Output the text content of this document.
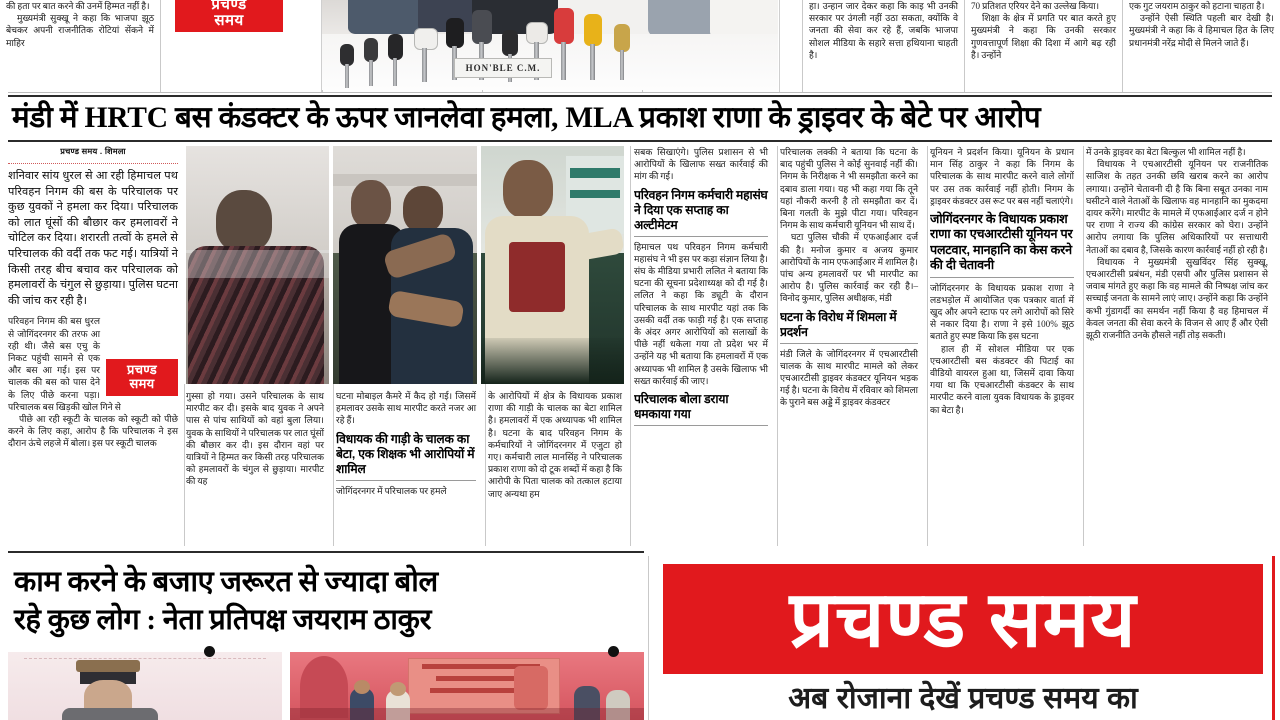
की हता पर बात करने की उनमें हिम्मत नहीं है।

मुख्यमंत्री सुक्खू ने कहा कि भाजपा झूठ बेचकर अपनी राजनीतिक रोटियां सेंकने में माहिर

प्रचण्ड
समय

हा। उन्हान जार देकर कहा कि काइ भी उनकी सरकार पर उंगली नहीं उठा सकता, क्योंकि वे जनता की सेवा कर रहे हैं, जबकि भाजपा सोशल मीडिया के सहारे सत्ता हथियाना चाहती है।

70 प्रतिशत एरियर देने का उल्लेख किया।

शिक्षा के क्षेत्र में प्रगति पर बात करते हुए मुख्यमंत्री ने कहा कि उनकी सरकार गुणवत्तापूर्ण शिक्षा की दिशा में आगे बढ़ रही है। उन्होंने

एक गुट जयराम ठाकुर को हटाना चाहता है।

उन्होंने ऐसी स्थिति पहली बार देखी है। मुख्यमंत्री ने कहा कि वे हिमाचल हित के लिए प्रधानमंत्री नरेंद्र मोदी से मिलने जाते हैं।

HON'BLE C.M.
मंडी में HRTC बस कंडक्टर के ऊपर जानलेवा हमला, MLA प्रकाश राणा के ड्राइवर के बेटे पर आरोप
प्रचण्ड समय . शिमला
शनिवार सांय धुरल से आ रही हिमाचल पथ परिवहन निगम की बस के परिचालक पर कुछ युवकों ने हमला कर दिया। परिचालक को लात घूंसों की बौछार कर हमलावरों ने चोटिल कर दिया। शरारती तत्वों के हमले से परिचालक की वर्दी तक फट गई। यात्रियों ने किसी तरह बीच बचाव कर परिचालक को हमलावरों के चंगुल से छुड़ाया। पुलिस घटना की जांच कर रही है।
प्रचण्ड
समय

परिवहन निगम की बस धुरल से जोगिंदरनगर की तरफ आ रही थी। जैसे बस एचु के निकट पहुंची सामने से एक और बस आ गई। इस पर चालक की बस को पास देने के लिए पीछे करना पड़ा। परिचालक बस खिड़की खोल गिने से

पीछे आ रही स्कूटी के चालक को स्कूटी को पीछे करने के लिए कहा, आरोप है कि परिचालक ने इस दौरान ऊंचे लहजे में बोला। इस पर स्कूटी चालक

गुस्सा हो गया। उसने परिचालक के साथ मारपीट कर दी। इसके बाद युवक ने अपने पास से पांच साथियों को वहां बुला लिया। युवक के साथियों ने परिचालक पर लात घूंसों की बौछार कर दी। इस दौरान वहां पर यात्रियों ने हिम्मत कर किसी तरह परिचालक को हमलावरों के चंगुल से छुड़ाया। मारपीट की यह

घटना मोबाइल कैमरे में कैद हो गई। जिसमें हमलावर उसके साथ मारपीट करते नजर आ रहे हैं।

विधायक की गाड़ी के चालक का बेटा, एक शिक्षक भी आरोपियों में शामिल

जोगिंदरनगर में परिचालक पर हमले

के आरोपियों में क्षेत्र के विधायक प्रकाश राणा की गाड़ी के चालक का बेटा शामिल है। हमलावरों में एक अध्यापक भी शामिल है। घटना के बाद परिवहन निगम के कर्मचारियों ने जोगिंदरनगर में एजुटा हो गए। कर्मचारी लाल मानसिंह ने परिचालक प्रकाश राणा को दो टूक शब्दों में कहा है कि आरोपी के पिता चालक को तत्काल हटाया जाए अन्यथा हम

सबक सिखाएंगे। पुलिस प्रशासन से भी आरोपियों के खिलाफ सख्त कार्रवाई की मांग की गई।

परिवहन निगम कर्मचारी महासंघ ने दिया एक सप्ताह का अल्टीमेटम

हिमाचल पथ परिवहन निगम कर्मचारी महासंघ ने भी इस पर कड़ा संज्ञान लिया है। संघ के मीडिया प्रभारी ललित ने बताया कि घटना की सूचना प्रदेशाध्यक्ष को दी गई है। ललित ने कहा कि ड्यूटी के दौरान परिचालक के साथ मारपीट यहां तक कि उसकी वर्दी तक फाड़ी गई है। एक सप्ताह के अंदर अगर आरोपियों को सलाखों के पीछे नहीं धकेला गया तो प्रदेश भर में उन्होंने यह भी बताया कि हमलावरों में एक अध्यापक भी शामिल है उसके खिलाफ भी सख्त कार्रवाई की जाए।

परिचालक बोला डराया धमकाया गया

परिचालक लक्की ने बताया कि घटना के बाद पहुंची पुलिस ने कोई सुनवाई नहीं की। निगम के निरीक्षक ने भी समझौता करने का दबाव डाला गया। यह भी कहा गया कि तूने यहां नौकरी करनी है तो समझौता कर दें। बिना गलती के मुझे पीटा गया। परिवहन निगम के साथ कर्मचारी यूनियन भी साथ दें।

घटा पुलिस चौकी में एफआईआर दर्ज की है। मनोज कुमार व अजय कुमार आरोपियों के नाम एफआईआर में शामिल है। पांच अन्य हमलावरों पर भी मारपीट का आरोप है। पुलिस कार्रवाई कर रही है।– विनोद कुमार, पुलिस अधीक्षक, मंडी

घटना के विरोध में शिमला में प्रदर्शन

मंडी जिले के जोगिंदरनगर में एचआरटीसी चालक के साथ मारपीट मामले को लेकर एचआरटीसी ड्राइवर कंडक्टर यूनियन भड़क गई है। घटना के विरोध में रविवार को शिमला के पुराने बस अड्डे में ड्राइवर कंडक्टर

यूनियन ने प्रदर्शन किया। यूनियन के प्रधान मान सिंह ठाकुर ने कहा कि निगम के परिचालक के साथ मारपीट करने वाले लोगों पर उस तक कार्रवाई नहीं होती। निगम के ड्राइवर कंडक्टर उस रूट पर बस नहीं चलाएंगे।

जोगिंदरनगर के विधायक प्रकाश राणा का एचआरटीसी यूनियन पर पलटवार, मानहानि का केस करने की दी चेतावनी

जोगिंदरनगर के विधायक प्रकाश राणा ने लडभड़ोल में आयोजित एक पत्रकार वार्ता में खुद और अपने स्टाफ पर लगे आरोपों को सिरे से नकार दिया है। राणा ने इसे 100% झूठ बताते हुए स्पष्ट किया कि इस घटना

हाल ही में सोशल मीडिया पर एक एचआरटीसी बस कंडक्टर की पिटाई का वीडियो वायरल हुआ था, जिसमें दावा किया गया था कि एचआरटीसी कंडक्टर के साथ मारपीट करने वाला युवक विधायक के ड्राइवर का बेटा है।

में उनके ड्राइवर का बेटा बिल्कुल भी शामिल नहीं है।

विधायक ने एचआरटीसी यूनियन पर राजनीतिक साजिश के तहत उनकी छवि खराब करने का आरोप लगाया। उन्होंने चेतावनी दी है कि बिना सबूत उनका नाम घसीटने वाले नेताओं के खिलाफ वह मानहानि का मुकदमा दायर करेंगे। मारपीट के मामले में एफआईआर दर्ज न होने पर राणा ने राज्य की कांग्रेस सरकार को घेरा। उन्होंने आरोप लगाया कि पुलिस अधिकारियों पर सत्ताधारी नेताओं का दबाव है, जिसके कारण कार्रवाई नहीं हो रही है।

विधायक ने मुख्यमंत्री सुखविंदर सिंह सुक्खू, एचआरटीसी प्रबंधन, मंडी एसपी और पुलिस प्रशासन से जवाब मांगते हुए कहा कि वह मामले की निष्पक्ष जांच कर सच्चाई जनता के सामने लाएं जाए। उन्होंने कहा कि उन्होंने कभी गुंडागर्दी का समर्थन नहीं किया है वह हिमाचल में केवल जनता की सेवा करने के विजन से आए हैं और ऐसी झूठी राजनीति उनके हौसले नहीं तोड़ सकती।

काम करने के बजाए जरूरत से ज्यादा बोल
रहे कुछ लोग : नेता प्रतिपक्ष जयराम ठाकुर	प्रचण्ड समय
अब रोजाना देखें प्रचण्ड समय का
